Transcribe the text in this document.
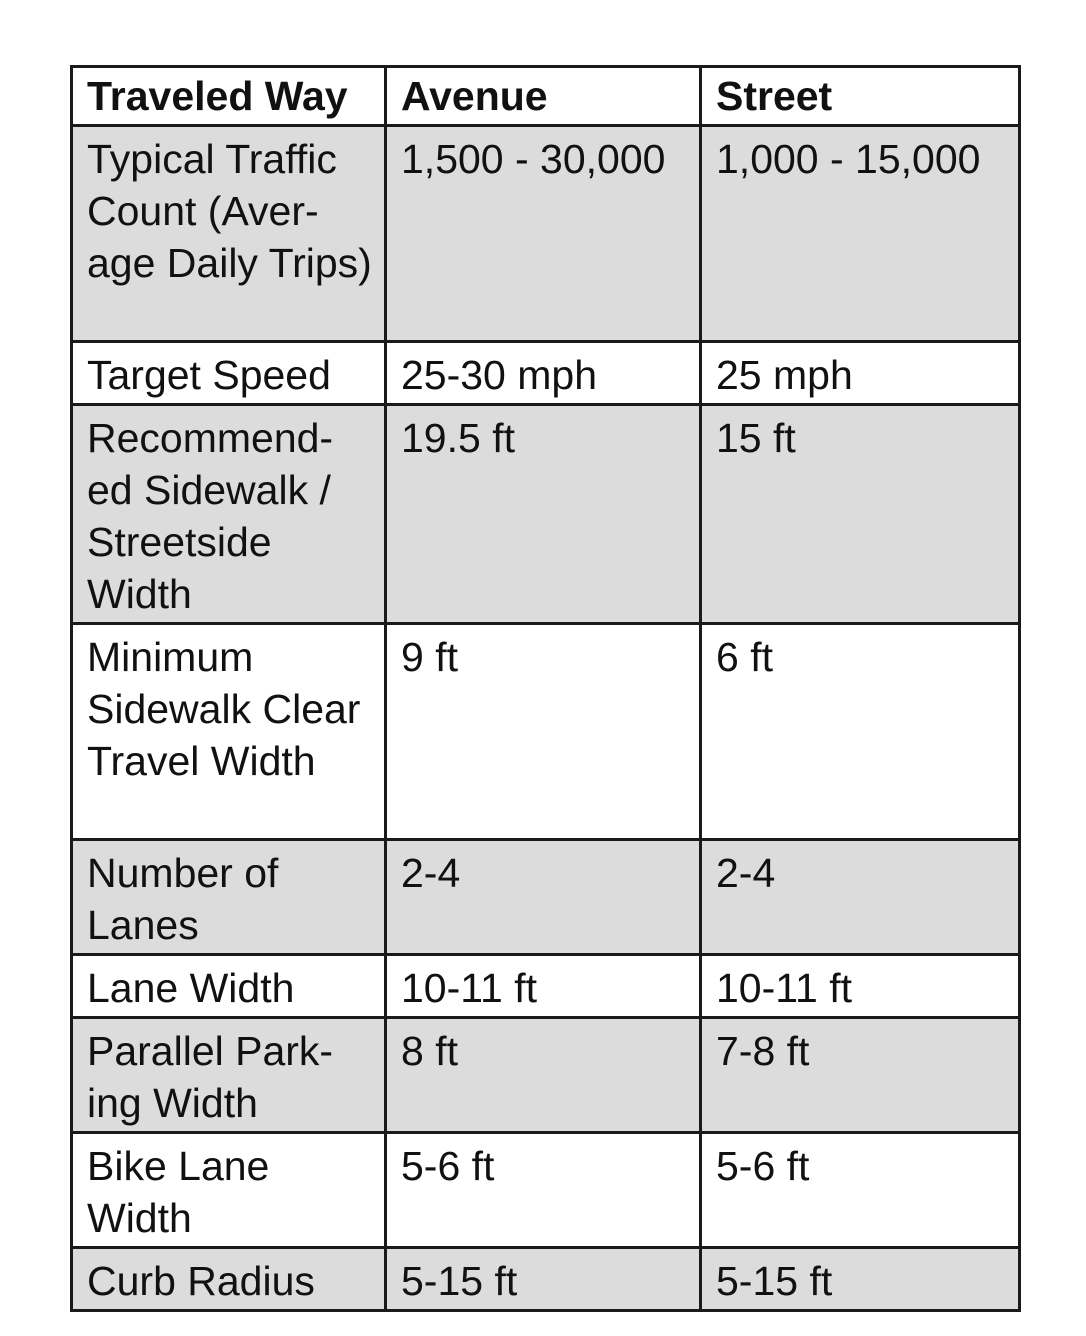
Traveled Way	Avenue	Street
Typical Traffic Count (Aver-age Daily Trips)	1,500 - 30,000	1,000 - 15,000
Target Speed	25-30 mph	25 mph
Recommend-ed Sidewalk / Streetside Width	19.5 ft	15 ft
Minimum Sidewalk Clear Travel Width	9 ft	6 ft
Number of Lanes	2-4	2-4
Lane Width	10-11 ft	10-11 ft
Parallel Park-ing Width	8 ft	7-8 ft
Bike Lane Width	5-6 ft	5-6 ft
Curb Radius	5-15 ft	5-15 ft
